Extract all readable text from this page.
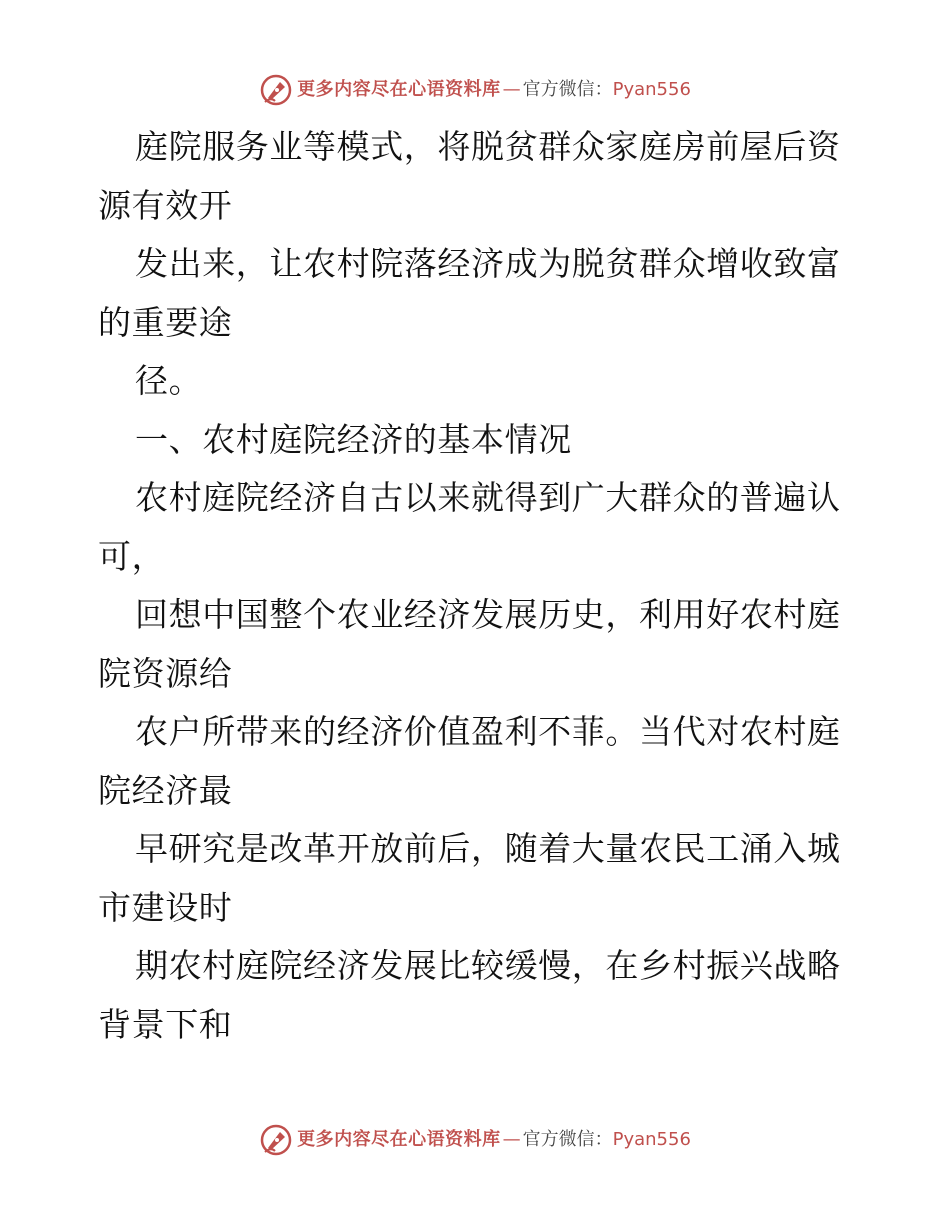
更多内容尽在心语资料库 — 官方微信： Pyan556
庭院服务业等模式，将脱贫群众家庭房前屋后资
源有效开
发出来，让农村院落经济成为脱贫群众增收致富
的重要途
径。
一、农村庭院经济的基本情况
农村庭院经济自古以来就得到广大群众的普遍认
可，
回想中国整个农业经济发展历史，利用好农村庭
院资源给
农户所带来的经济价值盈利不菲。当代对农村庭
院经济最
早研究是改革开放前后，随着大量农民工涌入城
市建设时
期农村庭院经济发展比较缓慢，在乡村振兴战略
背景下和
更多内容尽在心语资料库 — 官方微信： Pyan556
